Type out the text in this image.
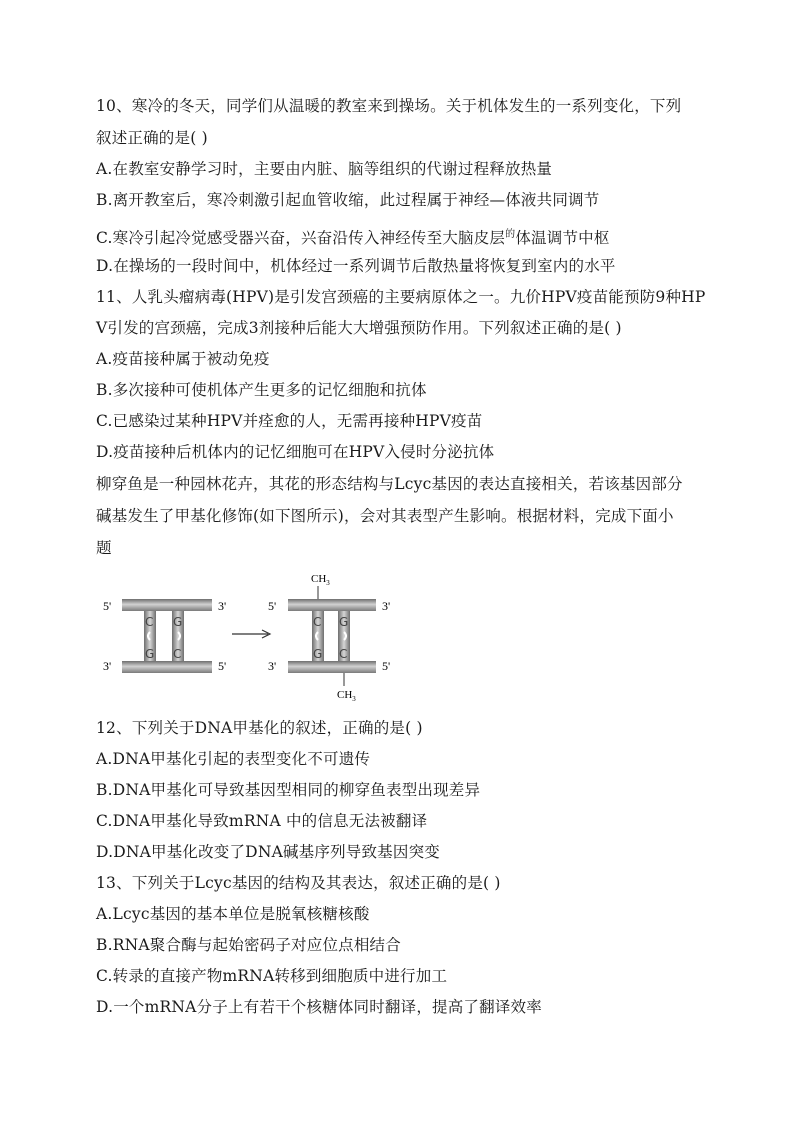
10、寒冷的冬天，同学们从温暖的教室来到操场。关于机体发生的一系列变化，下列
叙述正确的是( )
A.在教室安静学习时，主要由内脏、脑等组织的代谢过程释放热量
B.离开教室后，寒冷刺激引起血管收缩，此过程属于神经—体液共同调节
C.寒冷引起冷觉感受器兴奋，兴奋沿传入神经传至大脑皮层$^的$体温调节中枢
D.在操场的一段时间中，机体经过一系列调节后散热量将恢复到室内的水平
11、人乳头瘤病毒(HPV)是引发宫颈癌的主要病原体之一。九价HPV疫苗能预防9种HP
V引发的宫颈癌，完成3剂接种后能大大增强预防作用。下列叙述正确的是( )
A.疫苗接种属于被动免疫
B.多次接种可使机体产生更多的记忆细胞和抗体
C.已感染过某种HPV并痊愈的人，无需再接种HPV疫苗
D.疫苗接种后机体内的记忆细胞可在HPV入侵时分泌抗体
柳穿鱼是一种园林花卉，其花的形态结构与Lcyc基因的表达直接相关，若该基因部分
碱基发生了甲基化修饰(如下图所示)，会对其表型产生影响。根据材料，完成下面小
题
5'	3'
3'	5'
C G
G C
5'	3'
3'	5'
C G
G C
$CH_3$
$CH_3$
12、下列关于DNA甲基化的叙述，正确的是( )
A.DNA甲基化引起的表型变化不可遗传
B.DNA甲基化可导致基因型相同的柳穿鱼表型出现差异
C.DNA甲基化导致mRNA 中的信息无法被翻译
D.DNA甲基化改变了DNA碱基序列导致基因突变
13、下列关于Lcyc基因的结构及其表达，叙述正确的是( )
A.Lcyc基因的基本单位是脱氧核糖核酸
B.RNA聚合酶与起始密码子对应位点相结合
C.转录的直接产物mRNA转移到细胞质中进行加工
D.一个mRNA分子上有若干个核糖体同时翻译，提高了翻译效率
